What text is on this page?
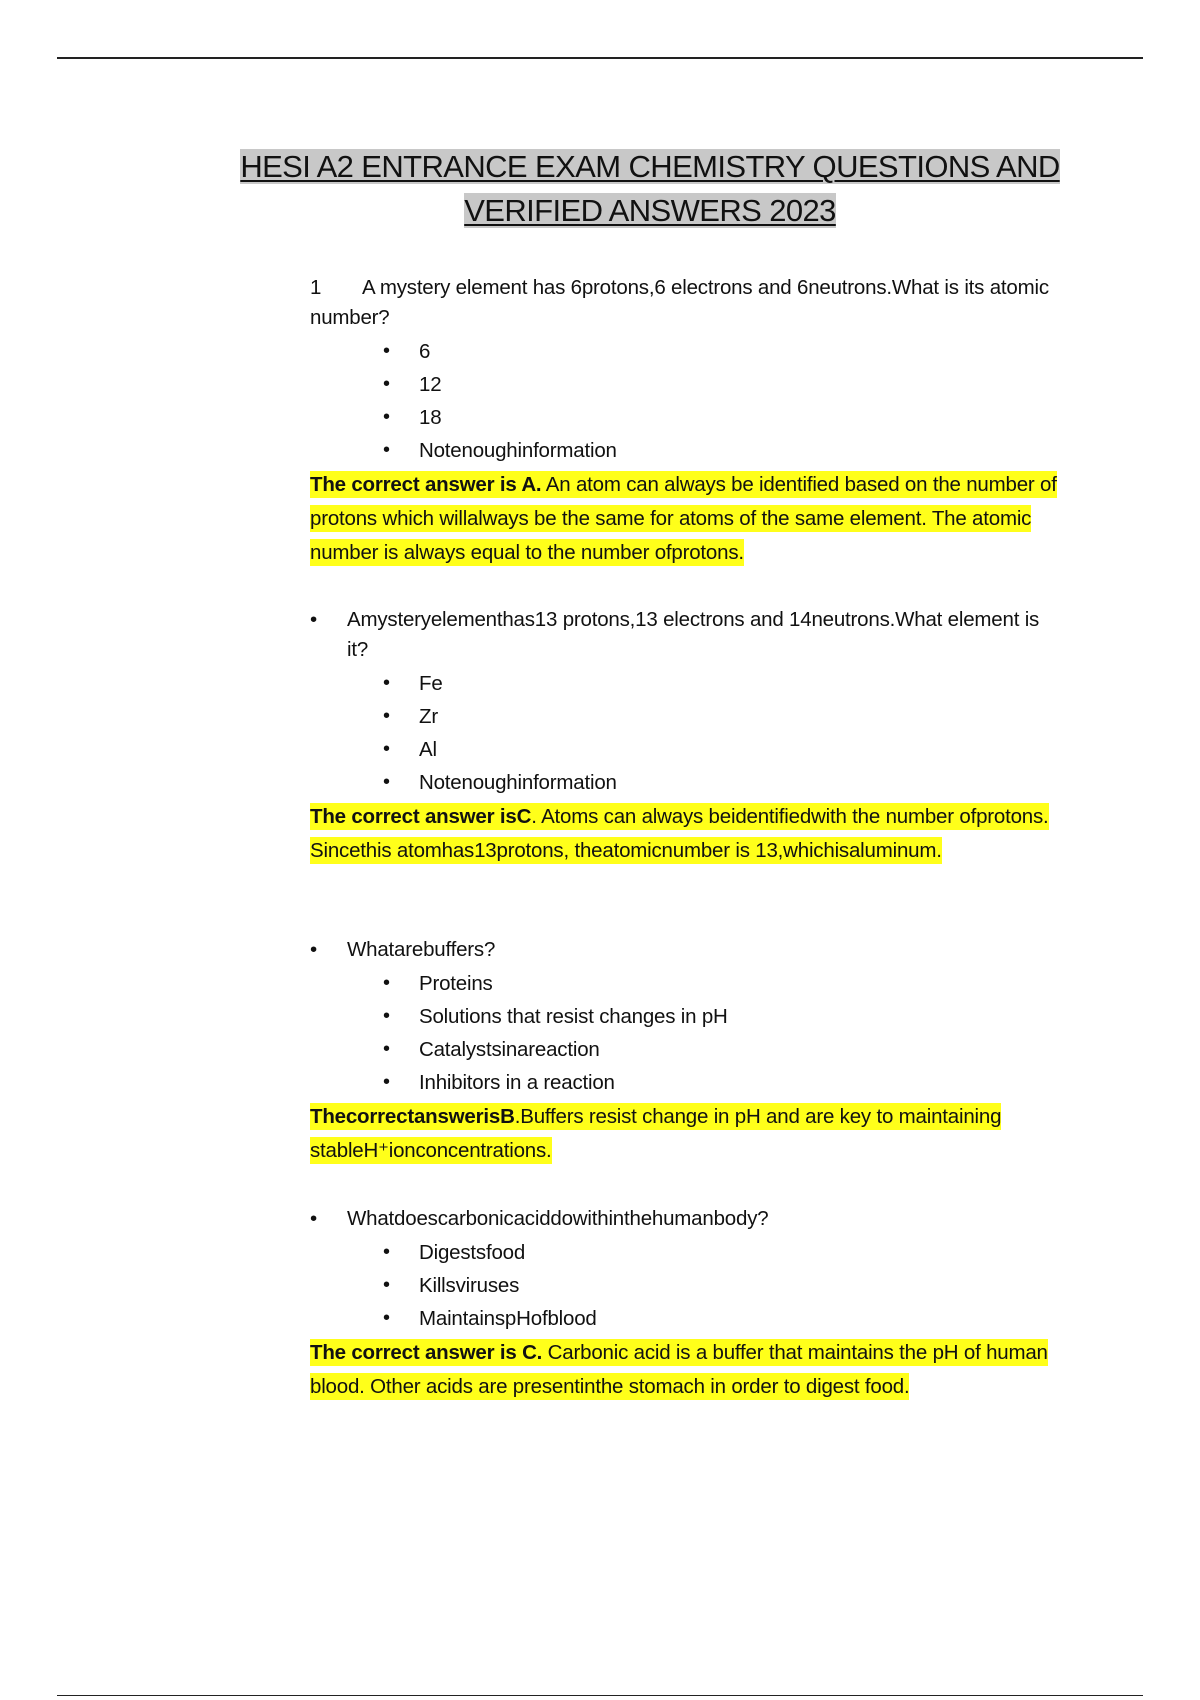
HESI A2 ENTRANCE EXAM CHEMISTRY QUESTIONS AND
VERIFIED ANSWERS 2023
1 A mystery element has 6protons,6 electrons and 6neutrons.What is its atomic number?
• 6
• 12
• 18
• Notenoughinformation
The correct answer is A. An atom can always be identified based on the number of protons which willalways be the same for atoms of the same element. The atomic number is always equal to the number ofprotons.
•	Amysteryelementhas13 protons,13 electrons and 14neutrons.What element is it?
• Fe
• Zr
• Al
• Notenoughinformation
The correct answer isC. Atoms can always beidentifiedwith the number ofprotons. Sincethis atomhas13protons, theatomicnumber is 13,whichisaluminum.
•	Whatarebuffers?
• Proteins
• Solutions that resist changes in pH
• Catalystsinareaction
• Inhibitors in a reaction
ThecorrectanswerisB.Buffers resist change in pH and are key to maintaining stableH⁺ionconcentrations.
•	Whatdoescarbonicaciddowithinthehumanbody?
• Digestsfood
• Killsviruses
• MaintainspHofblood
The correct answer is C. Carbonic acid is a buffer that maintains the pH of human blood. Other acids are presentinthe stomach in order to digest food.
